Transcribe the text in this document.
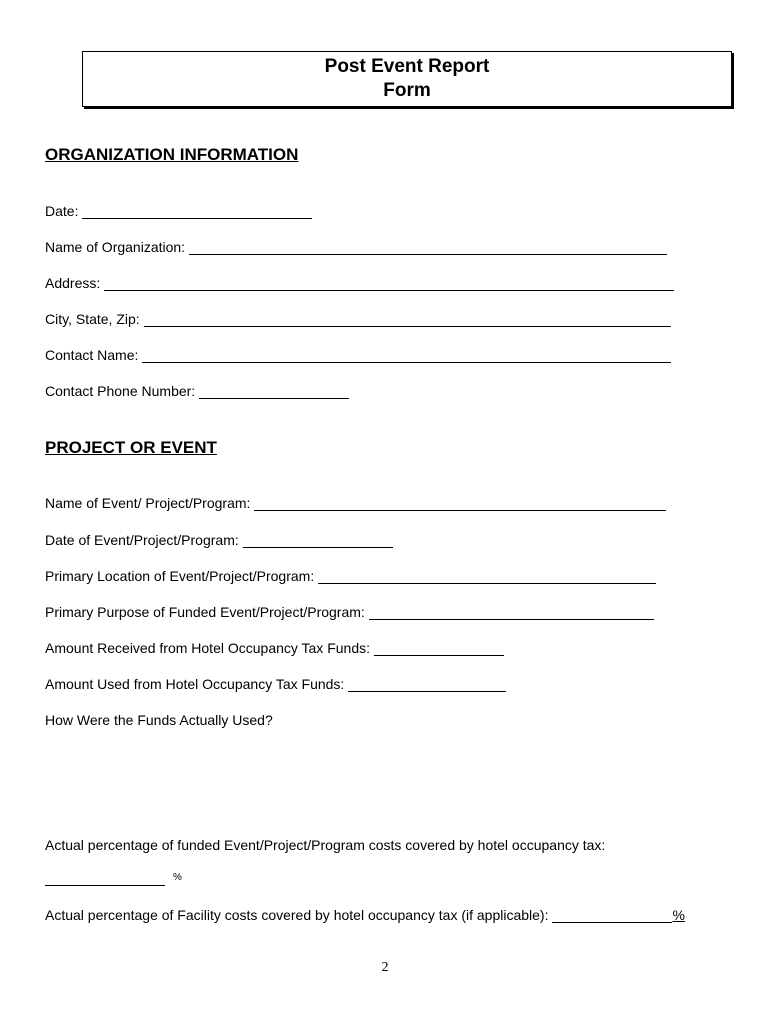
Post Event Report
Form
ORGANIZATION INFORMATION
Date:
Name of Organization:
Address:
City, State, Zip:
Contact Name:
Contact Phone Number:
PROJECT OR EVENT
Name of Event/ Project/Program:
Date of Event/Project/Program:
Primary Location of Event/Project/Program:
Primary Purpose of Funded Event/Project/Program:
Amount Received from Hotel Occupancy Tax Funds:
Amount Used from Hotel Occupancy Tax Funds:
How Were the Funds Actually Used?
Actual percentage of funded Event/Project/Program costs covered by hotel occupancy tax:
%
Actual percentage of Facility costs covered by hotel occupancy tax (if applicable):	%
2
